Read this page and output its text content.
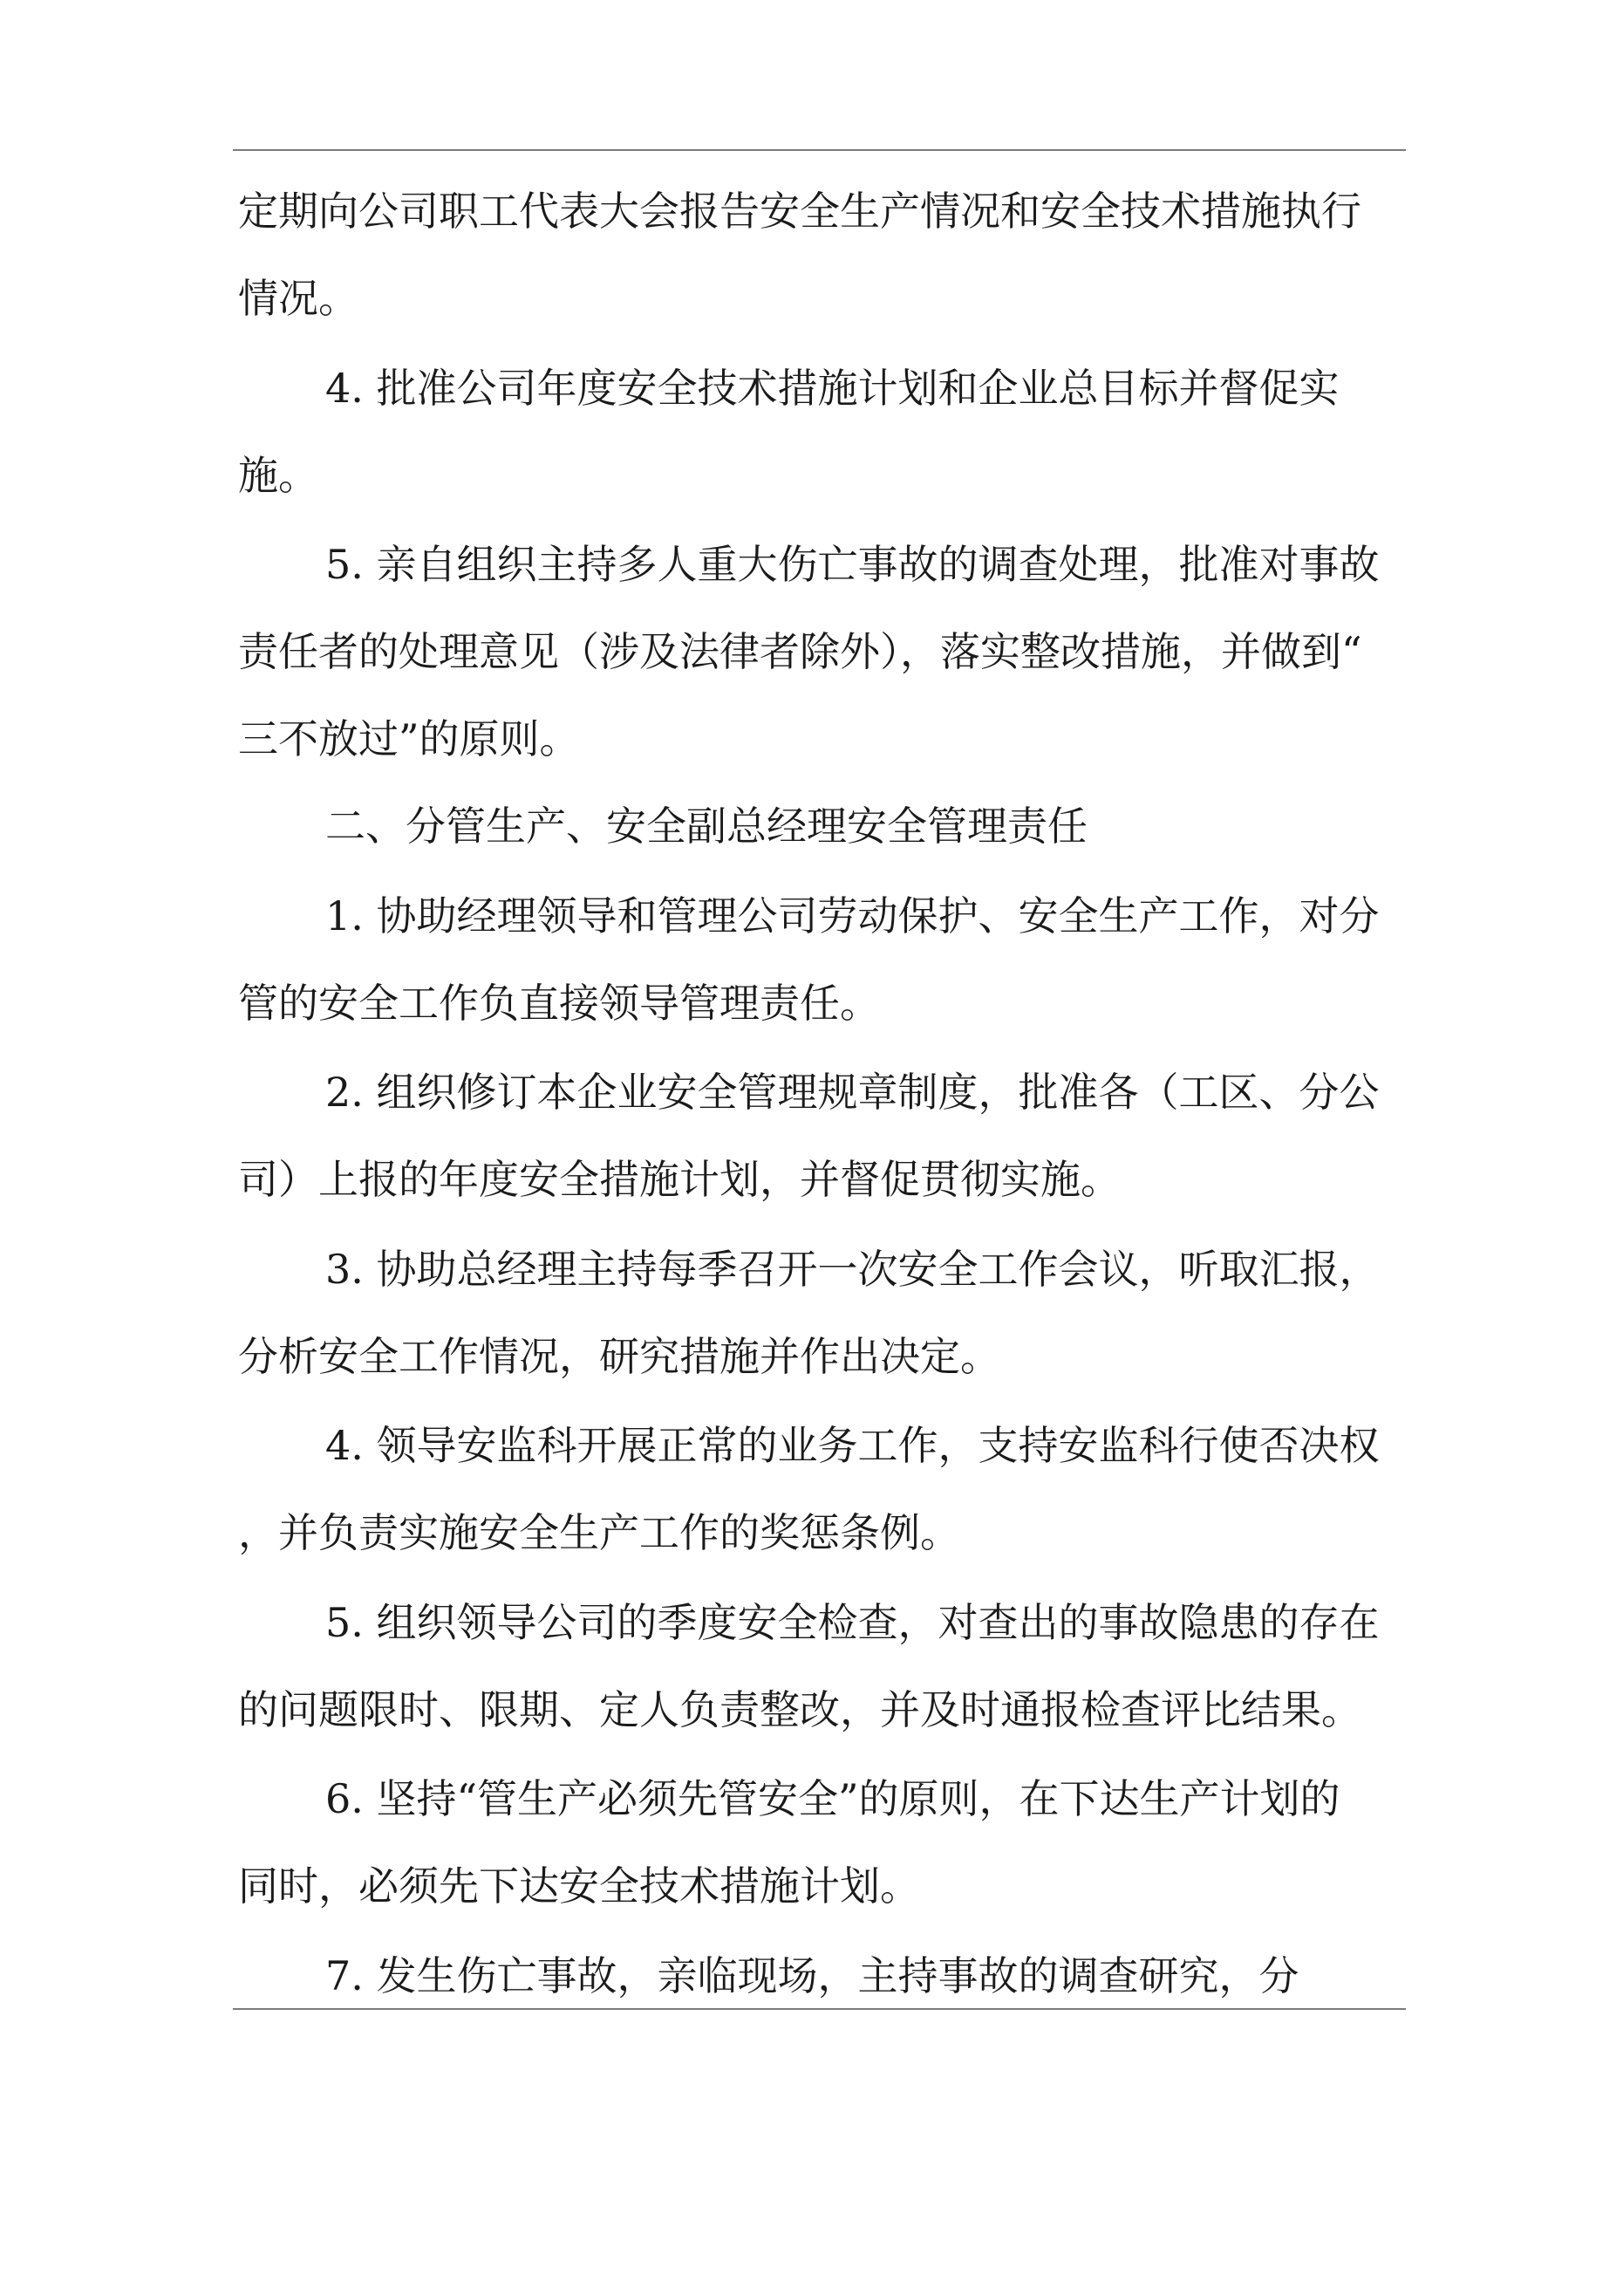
定期向公司职工代表大会报告安全生产情况和安全技术措施执行
情况。
4. 批准公司年度安全技术措施计划和企业总目标并督促实
施。
5. 亲自组织主持多人重大伤亡事故的调查处理，批准对事故
责任者的处理意见（涉及法律者除外），落实整改措施，并做到“
三不放过”的原则。
二、分管生产、安全副总经理安全管理责任
1. 协助经理领导和管理公司劳动保护、安全生产工作，对分
管的安全工作负直接领导管理责任。
2. 组织修订本企业安全管理规章制度，批准各（工区、分公
司）上报的年度安全措施计划，并督促贯彻实施。
3. 协助总经理主持每季召开一次安全工作会议，听取汇报，
分析安全工作情况，研究措施并作出决定。
4. 领导安监科开展正常的业务工作，支持安监科行使否决权
，并负责实施安全生产工作的奖惩条例。
5. 组织领导公司的季度安全检查，对查出的事故隐患的存在
的问题限时、限期、定人负责整改，并及时通报检查评比结果。
6. 坚持“管生产必须先管安全”的原则，在下达生产计划的
同时，必须先下达安全技术措施计划。
7. 发生伤亡事故，亲临现场，主持事故的调查研究，分
